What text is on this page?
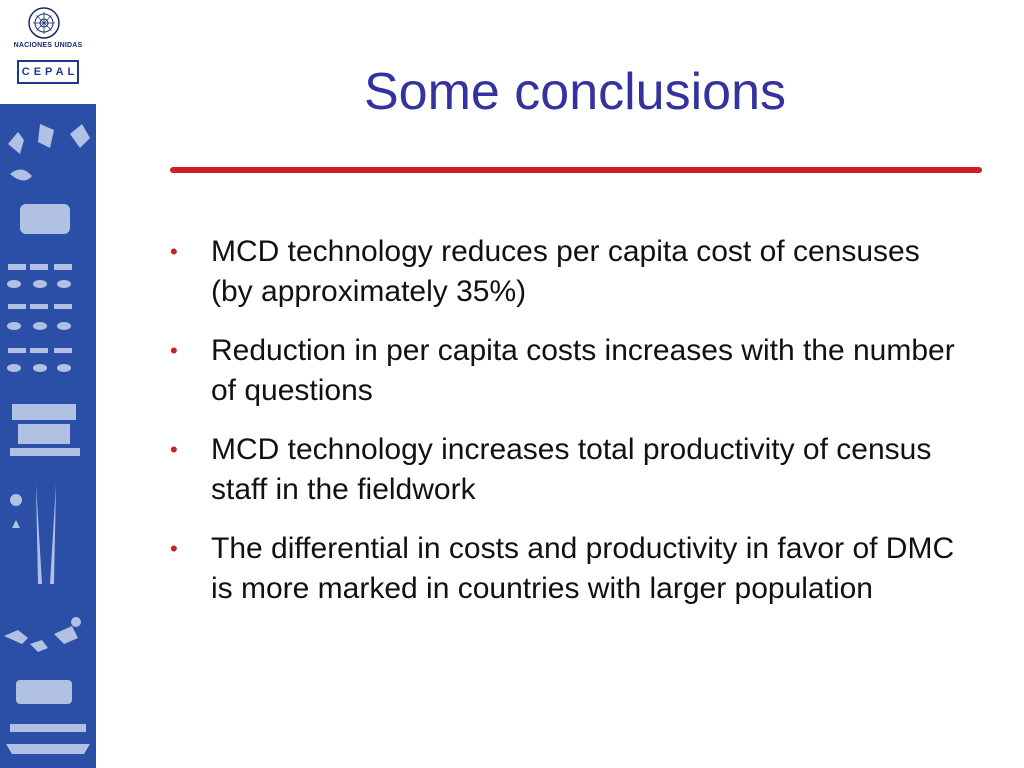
NACIONES UNIDAS
CEPAL	Some conclusions
•	MCD technology reduces per capita cost of censuses (by approximately 35%)
•	Reduction in per capita costs increases with the number of questions
•	MCD technology increases total productivity of census staff in the fieldwork
•	The differential in costs and productivity in favor of DMC is more marked in countries with larger population
